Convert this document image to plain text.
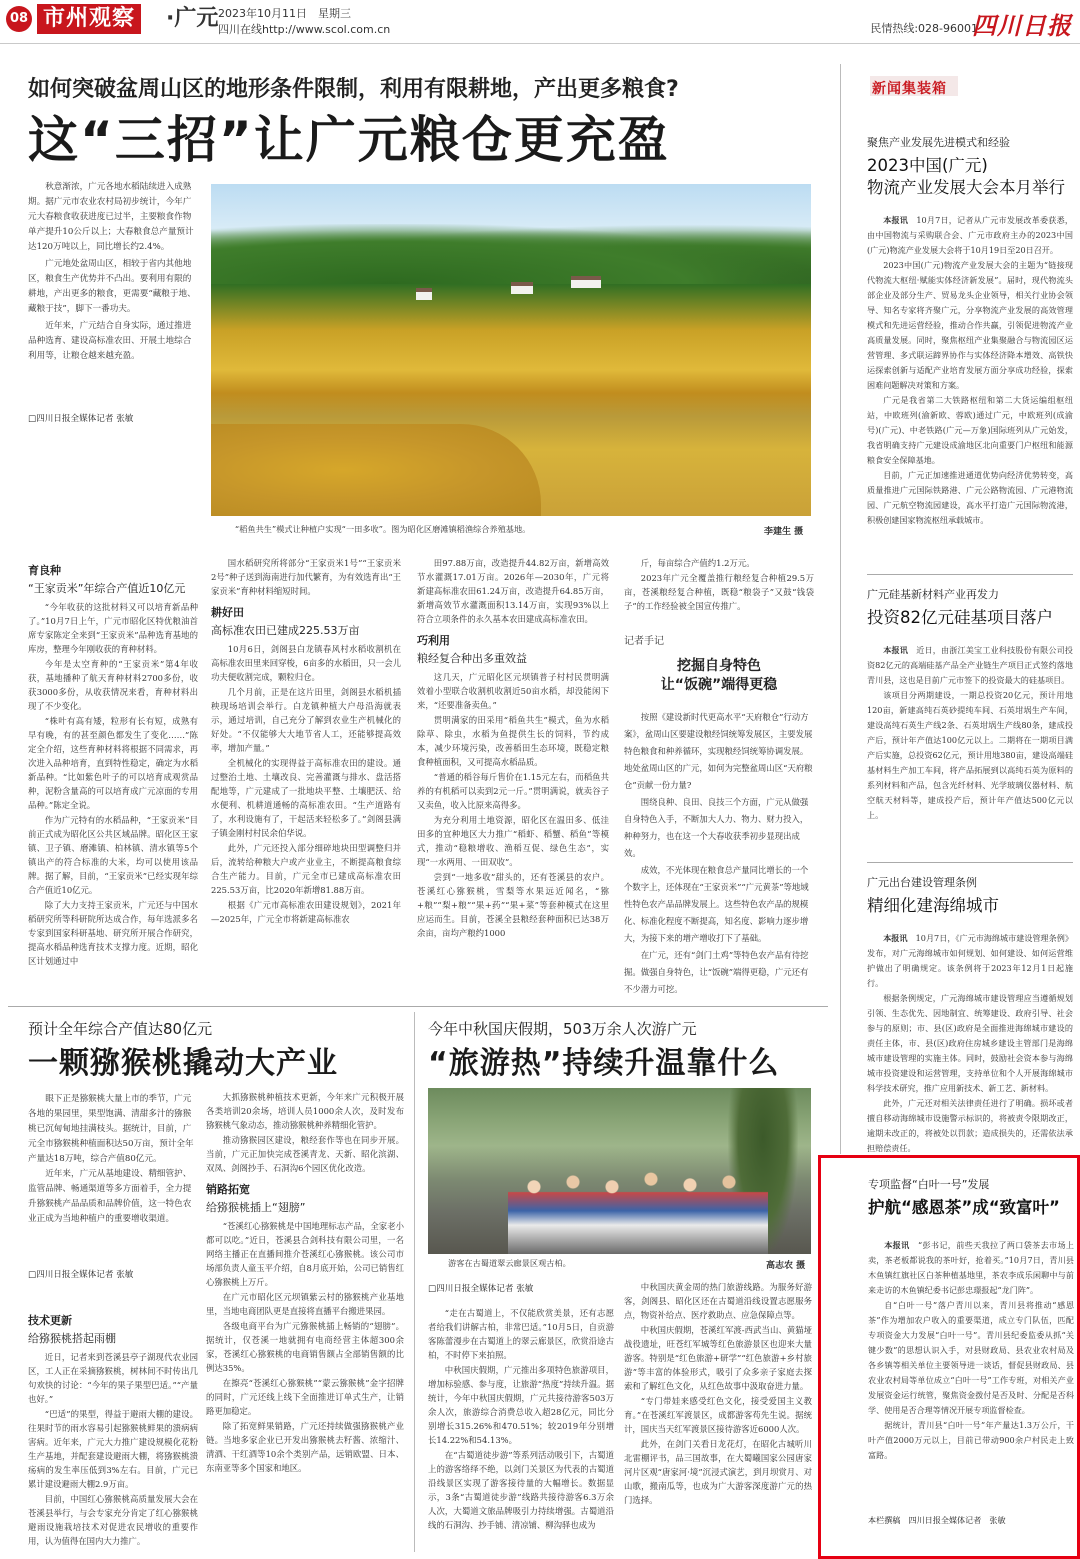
08 市州观察 ·广元 2023年10月11日　星期三
四川在线http://www.scol.com.cn	民情热线:028-96001
四川日报
如何突破盆周山区的地形条件限制，利用有限耕地，产出更多粮食?
这“三招”让广元粮仓更充盈

秋意渐浓，广元各地水稻陆续进入成熟期。据广元市农业农村局初步统计，今年广元大春粮食收获进度已过半，主要粮食作物单产提升10公斤以上；大春粮食总产量预计达120万吨以上，同比增长约2.4%。

广元地处盆周山区，相较于省内其他地区，粮食生产优势并不凸出。要利用有限的耕地，产出更多的粮食，更需要“藏粮于地、藏粮于技”，脚下一番功夫。

近年来，广元结合自身实际，通过推进品种选育、建设高标准农田、开展土地综合利用等，让粮仓越来越充盈。

□四川日报全媒体记者 张敏
“稻鱼共生”模式让种植户实现“一田多收”。图为昭化区磨滩镇稻渔综合养殖基地。	李建生 摄
育良种
“王家贡米”年综合产值近10亿元

“今年收获的这批材料又可以培育新品种了。”10月7日上午，广元市昭化区特优粮油首席专家陈定全来到“王家贡米”品种选育基地的库房，整理今年刚收获的育种材料。

今年是太空育种的“王家贡米”第4年收获，基地播种了航天育种材料2700多份，收获3000多份，从收获情况来看，育种材料出现了不少变化。

“株叶有高有矮，粒形有长有短，成熟有早有晚，有的甚至颜色都发生了变化……”陈定全介绍，这些育种材料将根据不同需求，再次进入品种培育，直到特性稳定，确定为水稻新品种。“比如紫色叶子的可以培育成观赏品种，泥粉含量高的可以培育成广元凉面的专用品种。”陈定全说。

作为广元特有的水稻品种，“王家贡米”目前正式成为昭化区公共区域品牌。昭化区王家镇、卫子镇、磨滩镇、柏林镇、清水镇等5个镇出产的符合标准的大米，均可以使用该品牌。据了解，目前，“王家贡米”已经实现年综合产值近10亿元。

除了大力支持王家贡米，广元还与中国水稻研究所等科研院所达成合作，每年选派多名专家到国家科研基地、研究所开展合作研究，提高水稻品种选育技术支撑力度。近期，昭化区计划通过中

国水稻研究所将部分“王家贡米1号”“王家贡米2号”种子送到海南进行加代繁育，为有效选育出“王家贡米”育种材料缩短时间。

耕好田
高标准农田已建成225.53万亩

10月6日，剑阁县白龙镇春风村水稻收割机在高标准农田里来回穿梭，6亩多的水稻田，只一会儿功夫便收割完成，颗粒归仓。

几个月前，正是在这片田里，剑阁县水稻机插秧现场培训会举行。白龙镇种植大户母沿海就表示，通过培训，自己充分了解到农业生产机械化的好处。“不仅能够大大地节省人工，还能够提高效率，增加产量。”

全机械化的实现得益于高标准农田的建设。通过整治土地、土壤改良、完善灌溉与排水、盘活搭配地等，广元建成了一批地块平整、土壤肥沃、给水便利、机耕道通畅的高标准农田。“生产道路有了，水利设施有了，干起活来轻松多了。”剑阁县满子镇金刚村村民余伯华说。

此外，广元还投入部分细碎地块田型调整归并后，流转给种粮大户或产业业主，不断提高粮食综合生产能力。目前，广元全市已建成高标准农田225.53万亩，比2020年新增81.88万亩。

根据《广元市高标准农田建设规划》，2021年—2025年，广元全市将新建高标准农

田97.88万亩，改造提升44.82万亩，新增高效节水灌溉17.01万亩。2026年—2030年，广元将新建高标准农田61.24万亩，改造提升64.85万亩，新增高效节水灌溉面积13.14万亩，实现93%以上符合立项条件的永久基本农田建成高标准农田。

巧利用
粮经复合种出多重效益

这几天，广元昭化区元坝镇普子村村民贯明满效着小型联合收割机收割近50亩水稻，却没能闲下来，“还要准备卖鱼。”

贯明满家的田采用“稻鱼共生”模式，鱼为水稻除草、除虫，水稻为鱼提供生长的饲料，节约成本，减少环境污染，改善稻田生态环境，既稳定粮食种植面积，又可提高水稻品质。

“普通的稻谷每斤售价在1.15元左右，而稻鱼共养的有机稻可以卖到2元一斤。”贯明满说，就卖谷子又卖鱼，收入比原来高得多。

为充分利用土地资源，昭化区在温田多、低洼田多的宜种地区大力推广“稻虾、稻蟹、稻鱼”等模式，推动“稳粮增收、渔稻互促、绿色生态”，实现“一水两用、一田双收”。

尝到“一地多收”甜头的，还有苍溪县的农户。苍溪红心猕猴桃，雪梨等水果远近闻名，“猕+粮”“梨+粮”“果+药”“果+菜”等套种模式在这里应运而生。目前，苍溪全县粮经套种面积已达38万余亩，亩均产粮约1000

斤，每亩综合产值约1.2万元。

2023年广元全覆盖推行粮经复合种植29.5万亩，苍溪粮经复合种植，既稳“粮袋子”又鼓“钱袋子”的工作经验被全国宣传推广。

记者手记
挖掘自身特色
让“饭碗”端得更稳

按照《建设新时代更高水平“天府粮仓”行动方案》，盆周山区要建设粮经饲统筹发展区，主要发展特色粮食和种养循环，实现粮经饲统筹协调发展。地处盆周山区的广元，如何为完整盆周山区“天府粮仓”贡献一份力量?

围绕良种、良田、良技三个方面，广元从做强自身特色入手，不断加大人力、物力、财力投入，种种努力，也在这一个大春收获季初步显现出成效。

成效，不光体现在粮食总产量同比增长的一个个数字上，还体现在“王家贡米”“广元黄茶”等地域性特色农产品品牌发展上。这些特色农产品的规模化、标准化程度不断提高，知名度、影响力逐步增大，为接下来的增产增收打下了基础。

在广元，还有“剑门土鸡”等特色农产品有待挖掘。做强自身特色，让“饭碗”端得更稳，广元还有不少潜力可挖。

预计全年综合产值达80亿元
一颗猕猴桃撬动大产业

眼下正是猕猴桃大量上市的季节，广元各地的果园里，果型饱满、清甜多汁的猕猴桃已沉甸甸地挂满枝头。据统计，目前，广元全市猕猴桃种植面积达50万亩，预计全年产量达18万吨，综合产值80亿元。

近年来，广元从基地建设、精细管护、监管品牌、畅通渠道等多方面着手，全力提升猕猴桃产品品质和品牌价值，这一特色农业正成为当地种植户的重要增收渠道。

□四川日报全媒体记者 张敏
技术更新
给猕猴桃搭起雨棚

近日，记者来到苍溪县亭子湖现代农业园区，工人正在采摘猕猴桃，树林间不时传出几句欢快的讨论：“今年的果子果型巴适。”“产量也好。”

“巴适”的果型，得益于避雨大棚的建设。往果时节的雨水容易引起猕猴桃鲜果的溃病病害病。近年来，广元大力推广建设规模化花粉生产基地，并配套建设避雨大棚，将猕猴桃溃疡病的发生率压低到3%左右。目前，广元已累计建设避雨大棚2.9万亩。

目前，中国红心猕猴桃高质量发展大会在苍溪县举行，与会专家充分肯定了红心猕猴桃避雨设施栽培技术对促进农民增收的重要作用，认为值得在国内大力推广。

大抓猕猴桃种植技术更新，今年来广元积极开展各类培训20余场，培训人员1000余人次，及时发布猕猴桃气象动态，推动猕猴桃种养精细化管护。

推动猕猴园区建设，粮经套作等也在同步开展。当前，广元正加快完成苍溪青龙、天新、昭化滨湖、双凤、剑阁抄手、石洞沟6个园区优化改造。

销路拓宽
给猕猴桃插上“翅膀”

“苍溪红心猕猴桃是中国地理标志产品，全家老小都可以吃。”近日，苍溪县合剑科技有限公司里，一名网络主播正在直播间推介苍溪红心猕猴桃。该公司市场部负责人童玉平介绍，自8月底开始，公司已销售红心猕猴桃上万斤。

在广元市昭化区元坝镇紫云村的猕猴桃产业基地里，当地电商团队更是直接将直播平台搬进果园。

各级电商平台为广元猕猴桃插上畅销的“翅膀”。据统计，仅苍溪一地就拥有电商经营主体超300余家，苍溪红心猕猴桃的电商销售额占全部销售额的比例达35%。

在擦亮“苍溪红心猕猴桃”“蒙云猕猴桃”金字招牌的同时，广元还线上线下全面推进订单式生产，让销路更加稳定。

除了拓宽鲜果销路，广元还持续做强猕猴桃产业链。当地多家企业已开发出猕猴桃去籽酱、浓缩汁、清酒、干红酒等10余个类别产品，远销欧盟、日本、东南亚等多个国家和地区。

今年中秋国庆假期，503万余人次游广元
“旅游热”持续升温靠什么
游客在古蜀道翠云廊景区观古柏。	高志农 摄
□四川日报全媒体记者 张敏

“走在古蜀道上，不仅能欣赏美景，还有志愿者给我们讲解古柏，非常巴适。”10月5日，自贡游客陈蕾漫步在古蜀道上的翠云廊景区，欣赏沿途古柏，不时停下来拍照。

中秋国庆假期，广元推出多项特色旅游项目，增加标验感、参与度，让旅游“热度”持续升温。据统计，今年中秋国庆假期，广元共接待游客503万余人次，旅游综合消费总收入超28亿元，同比分别增长315.26%和470.51%；较2019年分别增长14.22%和54.13%。

在“古蜀道徒步游”等系列活动吸引下，古蜀道上的游客络绎不绝，以剑门关景区为代表的古蜀道沿线景区实现了游客接待量的大幅增长。数据显示，3条“古蜀道徒步游”线路共接待游客6.3万余人次，大蜀道文旅品牌吸引力持续增强。古蜀道沿线的石洞沟、抄手铺、清凉铺、柳沟驿也成为

中秋国庆黄金周的热门旅游线路。为服务好游客，剑阁县、昭化区还在古蜀道沿线设置志愿服务点，物资补给点、医疗救助点、应急保障点等。

中秋国庆假期，苍溪红军渡-西武当山、黄猫垭战役遗址，旺苍红军城等红色旅游景区也迎来大量游客。特别是“红色旅游+研学”“红色旅游+乡村旅游”等丰富的体验形式，吸引了众多亲子家庭去探索和了解红色文化，从红色故事中汲取奋进力量。

“专门带娃来感受红色文化，接受爱国主义教育。”在苍溪红军渡景区，成都游客苟先生说。据统计，国庆当天红军渡景区接待游客近6000人次。

此外，在剑门关看日龙花灯，在昭化古城听川北雷棚评书，品三国故事，在大蜀曦国家公园唐家河片区观“唐家河·境”沉浸式演艺，到月坝赏月、对山歌，搬南瓜等，也成为广大游客深度游广元的热门选择。

新闻集装箱
聚焦产业发展先进模式和经验
2023中国(广元)
物流产业发展大会本月举行

本报讯　 10月7日，记者从广元市发展改革委获悉，由中国物流与采购联合会、广元市政府主办的2023中国(广元)物流产业发展大会将于10月19日至20日召开。

2023中国(广元)物流产业发展大会的主题为“链接现代物流大枢纽·赋能实体经济新发展”。届时，现代物流头部企业及部分生产、贸易龙头企业领导，相关行业协会领导、知名专家将齐聚广元，分享物流产业发展的高效管理模式和先进运营经验，推动合作共赢，引领促进物流产业高质量发展。同时，聚焦枢纽产业集聚融合与物流园区运营管理、多式联运蹄界协作与实体经济降本增效、高铁快运探索创新与适配产业培育发展方面分享成功经验，探索困难问题解决对策和方案。

广元是我省第二大铁路枢纽和第二大货运编组枢纽站，中欧班列(渝新欧、蓉欧)通过广元，中欧班列(成渝号)(广元)、中老铁路(广元—万象)国际班列从广元始发，我省明确支持广元建设成渝地区北向重要门户枢纽和能源粮食安全保障基地。

目前，广元正加速推进通道优势向经济优势转变，高质量推进广元国际铁路港、广元公路物流园、广元港物流园、广元航空物流园建设，高水平打造广元国际物流港，积极创建国家物流枢纽承载城市。

广元硅基新材料产业再发力
投资82亿元硅基项目落户

本报讯　 近日，由浙江美宝工业科技股份有限公司投资82亿元的高端硅基产品全产业链生产项目正式签约落地青川县，这也是目前广元市签下的投资最大的硅基项目。

该项目分两期建设，一期总投资20亿元，预计用地120亩，新建高纯石英砂提纯车间、石英坩埚生产车间，建设高纯石英生产线2条、石英坩埚生产线80条，建成投产后，预计年产值达100亿元以上。二期将在一期项目满产后实施，总投资62亿元，预计用地380亩，建设高端硅基材料生产加工车间，将产品拓展到以高纯石英为原料的系列材料和产品，包含光纤材料、光学玻璃仪器材料、航空航天材料等，建成投产后，预计年产值达500亿元以上。

广元出台建设管理条例
精细化建海绵城市

本报讯　 10月7日，《广元市海绵城市建设管理条例》发布，对广元海绵城市如何规划、如何建设、如何运营维护做出了明确规定。该条例将于2023年12月1日起施行。

根据条例规定，广元海绵城市建设管理应当遵循规划引领、生态优先、因地制宜、统筹建设、政府引导、社会参与的原则；市、县(区)政府是全面推进海绵城市建设的责任主体，市、县(区)政府住房城乡建设主管部门是海绵城市建设管理的实施主体。同时，鼓励社会资本参与海绵城市投资建设和运营管理，支持单位和个人开展海绵城市科学技术研究，推广应用新技术、新工艺、新材料。

此外，广元还对相关法律责任进行了明确。损坏或者擅自移动海绵城市设施警示标识的，将被责令限期改正，逾期未改正的，将被处以罚款；造成损失的，还需依法承担赔偿责任。

专项监督“白叶一号”发展
护航“感恩茶”成“致富叶”

本报讯　 “彭书记，前些天我拉了两口袋茶去市场上卖，茶老板都说我的茶叶好，抢着买。”10月7日，青川县木鱼镇红旗社区白茶种植基地里，茶农李成乐闲聊中与前来走访的木鱼镇纪委书记彭忠璟报起“龙门阵”。

自“白叶一号”落户青川以来，青川县将推动“感恩茶”作为增加农户收入的重要渠道，成立专门队伍，匹配专项资金大力发展“白叶一号”。青川县纪委监委从抓“关键少数”的思想认识入手，对县财政局、县农业农村局及各乡镇等相关单位主要领导进一谈话，督促县财政局、县农业农村局等单位成立“白叶一号”工作专班，对相关产业发展资金运行统管，聚焦资金拨付是否及时、分配是否科学、使用是否合理等情况开展专项监督检查。

据统计，青川县“白叶一号”年产量达1.3万公斤，干叶产值2000万元以上，目前已带动900余户村民走上致富路。

本栏撰稿　四川日报全媒体记者　张敏
